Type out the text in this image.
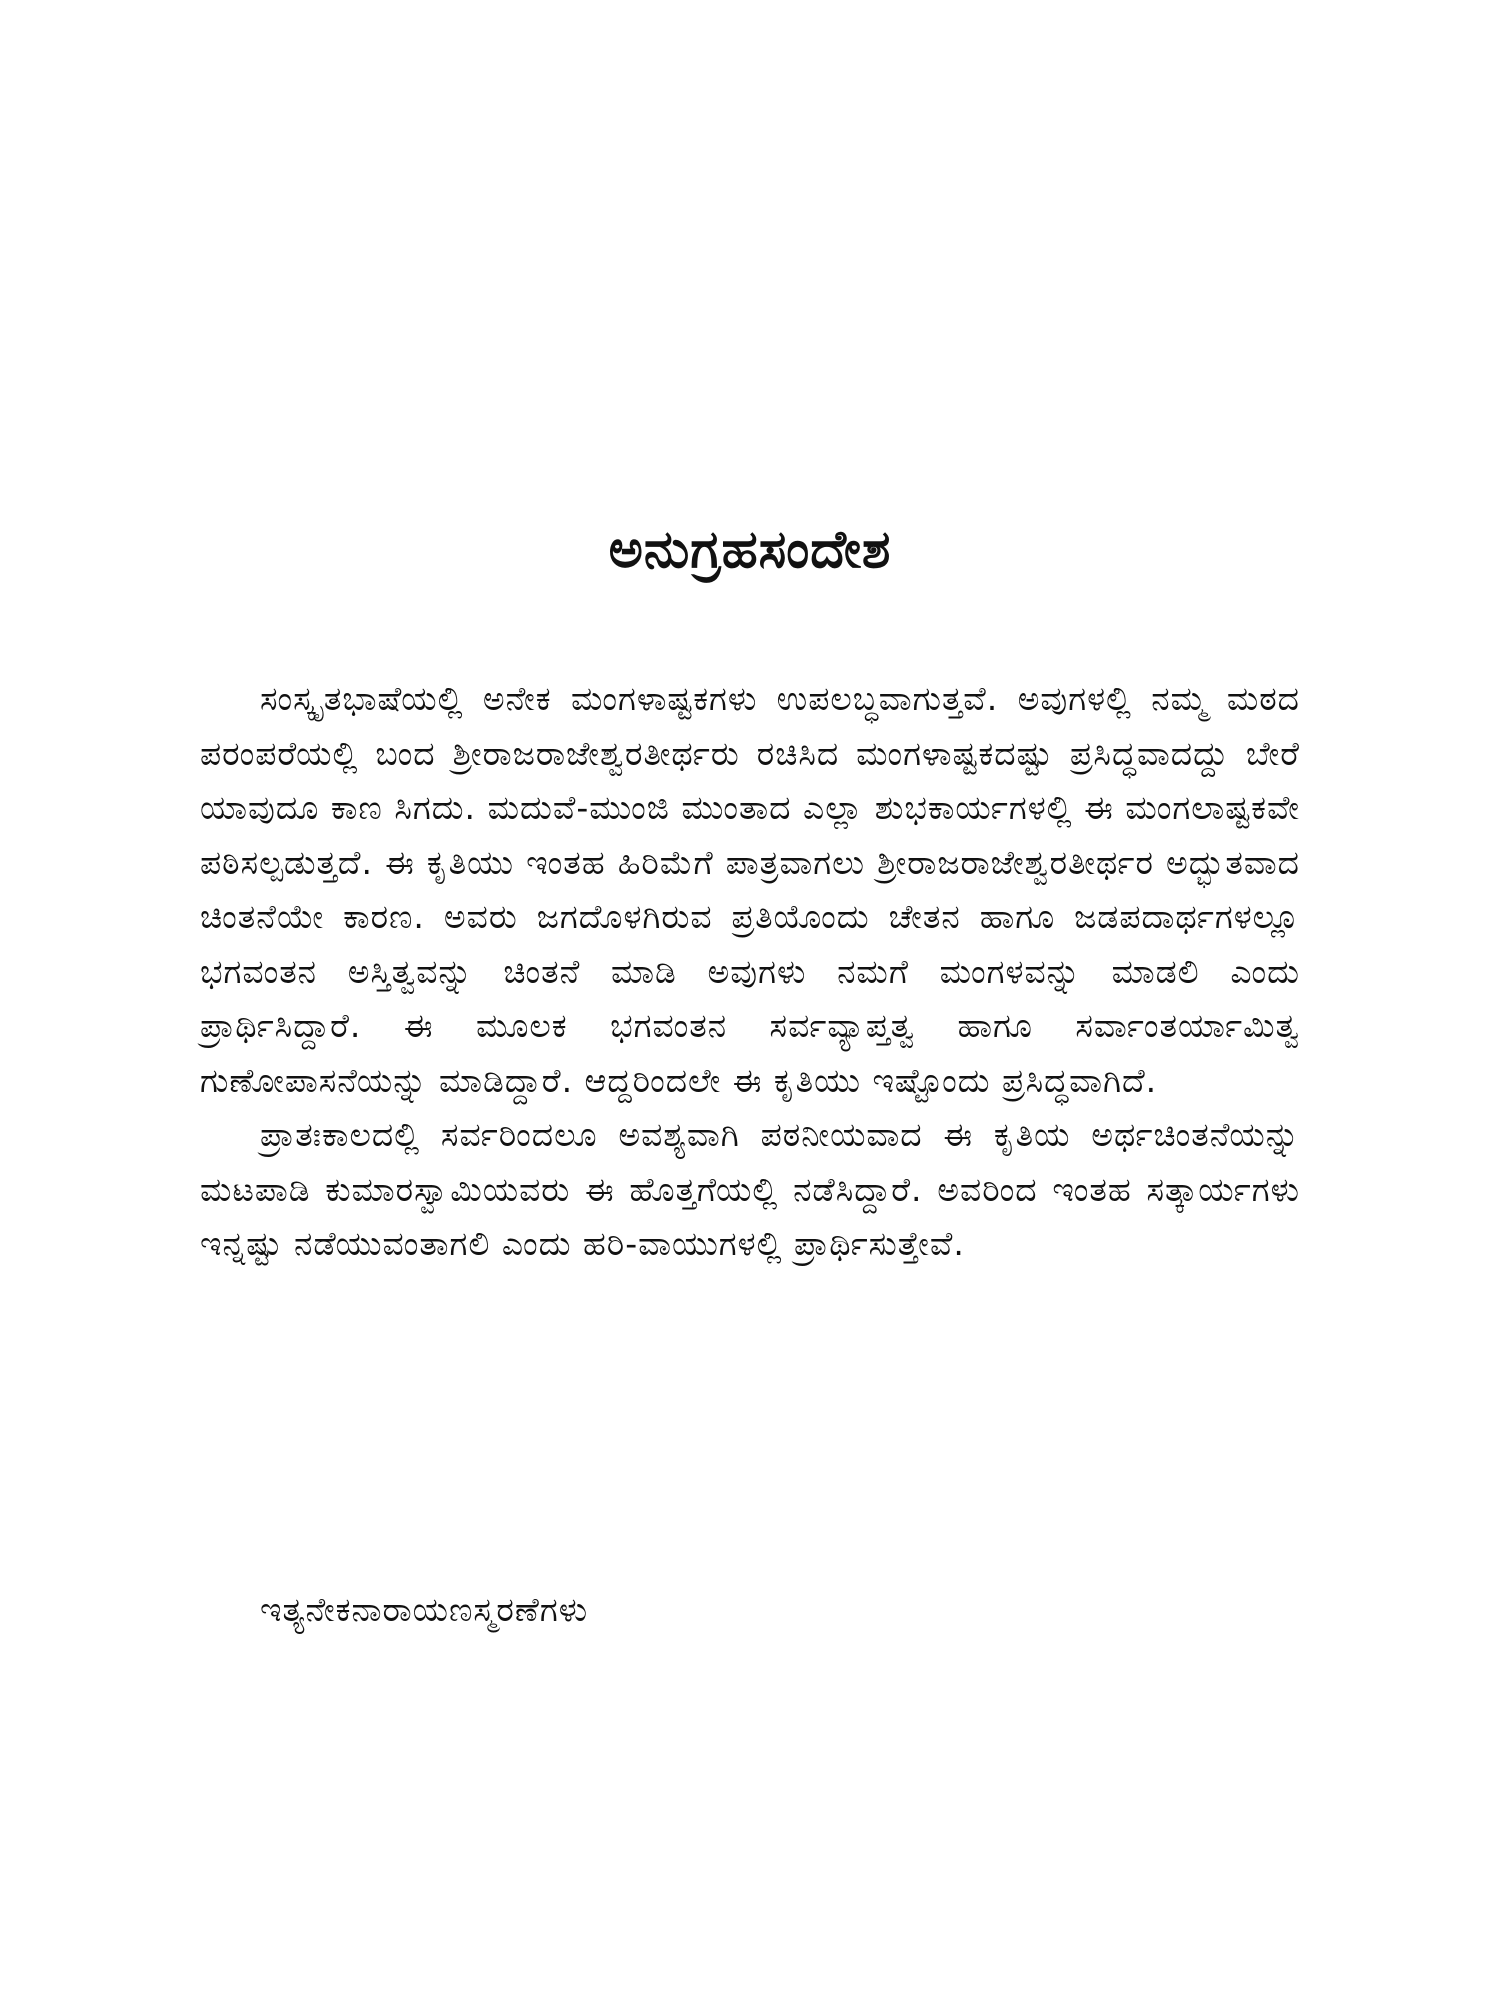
ಅನುಗ್ರಹಸಂದೇಶ

ಸಂಸ್ಕೃತಭಾಷೆಯಲ್ಲಿ ಅನೇಕ ಮಂಗಳಾಷ್ಟಕಗಳು ಉಪಲಬ್ಧವಾಗುತ್ತವೆ. ಅವುಗಳಲ್ಲಿ ನಮ್ಮ ಮಠದ ಪರಂಪರೆಯಲ್ಲಿ ಬಂದ ಶ್ರೀರಾಜರಾಜೇಶ್ವರತೀರ್ಥರು ರಚಿಸಿದ ಮಂಗಳಾಷ್ಟಕದಷ್ಟು ಪ್ರಸಿದ್ಧವಾದದ್ದು ಬೇರೆ ಯಾವುದೂ ಕಾಣ ಸಿಗದು. ಮದುವೆ-ಮುಂಜಿ ಮುಂತಾದ ಎಲ್ಲಾ ಶುಭಕಾರ್ಯಗಳಲ್ಲಿ ಈ ಮಂಗಲಾಷ್ಟಕವೇ ಪಠಿಸಲ್ಪಡುತ್ತದೆ. ಈ ಕೃತಿಯು ಇಂತಹ ಹಿರಿಮೆಗೆ ಪಾತ್ರವಾಗಲು ಶ್ರೀರಾಜರಾಜೇಶ್ವರತೀರ್ಥರ ಅದ್ಭುತವಾದ ಚಿಂತನೆಯೇ ಕಾರಣ. ಅವರು ಜಗದೊಳಗಿರುವ ಪ್ರತಿಯೊಂದು ಚೇತನ ಹಾಗೂ ಜಡಪದಾರ್ಥಗಳಲ್ಲೂ ಭಗವಂತನ ಅಸ್ತಿತ್ವವನ್ನು ಚಿಂತನೆ ಮಾಡಿ ಅವುಗಳು ನಮಗೆ ಮಂಗಳವನ್ನು ಮಾಡಲಿ ಎಂದು ಪ್ರಾರ್ಥಿಸಿದ್ದಾರೆ. ಈ ಮೂಲಕ ಭಗವಂತನ ಸರ್ವವ್ಯಾಪ್ತತ್ವ ಹಾಗೂ ಸರ್ವಾಂತರ್ಯಾಮಿತ್ವ ಗುಣೋಪಾಸನೆಯನ್ನು ಮಾಡಿದ್ದಾರೆ. ಆದ್ದರಿಂದಲೇ ಈ ಕೃತಿಯು ಇಷ್ಟೊಂದು ಪ್ರಸಿದ್ಧವಾಗಿದೆ.

ಪ್ರಾತಃಕಾಲದಲ್ಲಿ ಸರ್ವರಿಂದಲೂ ಅವಶ್ಯವಾಗಿ ಪಠನೀಯವಾದ ಈ ಕೃತಿಯ ಅರ್ಥಚಿಂತನೆಯನ್ನು ಮಟಪಾಡಿ ಕುಮಾರಸ್ವಾಮಿಯವರು ಈ ಹೊತ್ತಗೆಯಲ್ಲಿ ನಡೆಸಿದ್ದಾರೆ. ಅವರಿಂದ ಇಂತಹ ಸತ್ಕಾರ್ಯಗಳು ಇನ್ನಷ್ಟು ನಡೆಯುವಂತಾಗಲಿ ಎಂದು ಹರಿ-ವಾಯುಗಳಲ್ಲಿ ಪ್ರಾರ್ಥಿಸುತ್ತೇವೆ.

ಇತ್ಯನೇಕನಾರಾಯಣಸ್ಮರಣೆಗಳು
